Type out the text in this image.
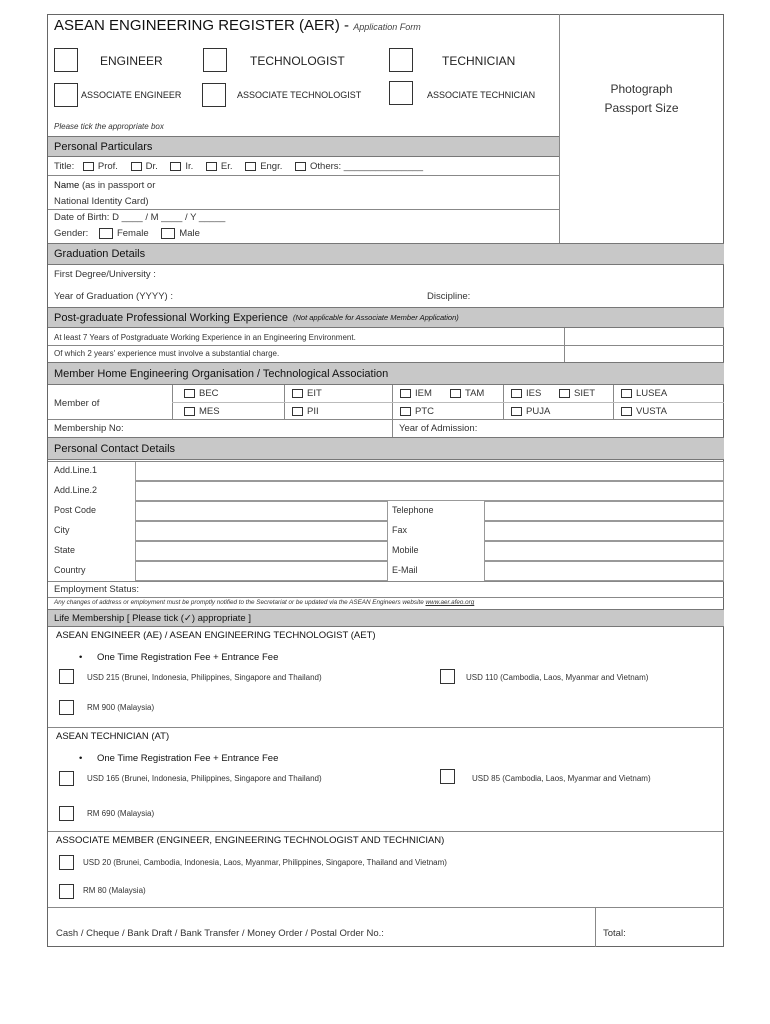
ASEAN ENGINEERING REGISTER (AER) - Application Form
Photograph
Passport Size
ENGINEER	TECHNOLOGIST	TECHNICIAN
ASSOCIATE ENGINEER	ASSOCIATE TECHNOLOGIST	ASSOCIATE TECHNICIAN
Please tick the appropriate box
Personal Particulars
Title: Prof.	Dr.	Ir.	Er.	Engr.	Others: _______________
Name (as in passport or
National Identity Card)
Date of Birth: D ____ / M ____ / Y _____
Gender:	Female	Male
Graduation Details
First Degree/University :
Year of Graduation (YYYY) :	Discipline:
Post-graduate Professional Working Experience (Not applicable for Associate Member Application)
At least 7 Years of Postgraduate Working Experience in an Engineering Environment.
Of which 2 years' experience must involve a substantial charge.
Member Home Engineering Organisation / Technological Association
Member of
BEC	EIT	IEM	TAM	IES	SIET	LUSEA
MES	PII	PTC	PUJA	VUSTA
Membership No:	Year of Admission:
Personal Contact Details
Add.Line.1
Add.Line.2
Post Code	Telephone
City	Fax
State	Mobile
Country	E-Mail
Employment Status:
Any changes of address or employment must be promptly notified to the Secretariat or be updated via the ASEAN Engineers website www.aer.afeo.org
Life Membership [ Please tick (✓) appropriate ]
ASEAN ENGINEER (AE) / ASEAN ENGINEERING TECHNOLOGIST (AET)
• One Time Registration Fee + Entrance Fee
USD 215 (Brunei, Indonesia, Philippines, Singapore and Thailand)	USD 110 (Cambodia, Laos, Myanmar and Vietnam)
RM 900 (Malaysia)
ASEAN TECHNICIAN (AT)
• One Time Registration Fee + Entrance Fee
USD 165 (Brunei, Indonesia, Philippines, Singapore and Thailand)	USD 85 (Cambodia, Laos, Myanmar and Vietnam)
RM 690 (Malaysia)
ASSOCIATE MEMBER (ENGINEER, ENGINEERING TECHNOLOGIST AND TECHNICIAN)
USD 20 (Brunei, Cambodia, Indonesia, Laos, Myanmar, Philippines, Singapore, Thailand and Vietnam)
RM 80 (Malaysia)
Cash / Cheque / Bank Draft / Bank Transfer / Money Order / Postal Order No.:	Total:
